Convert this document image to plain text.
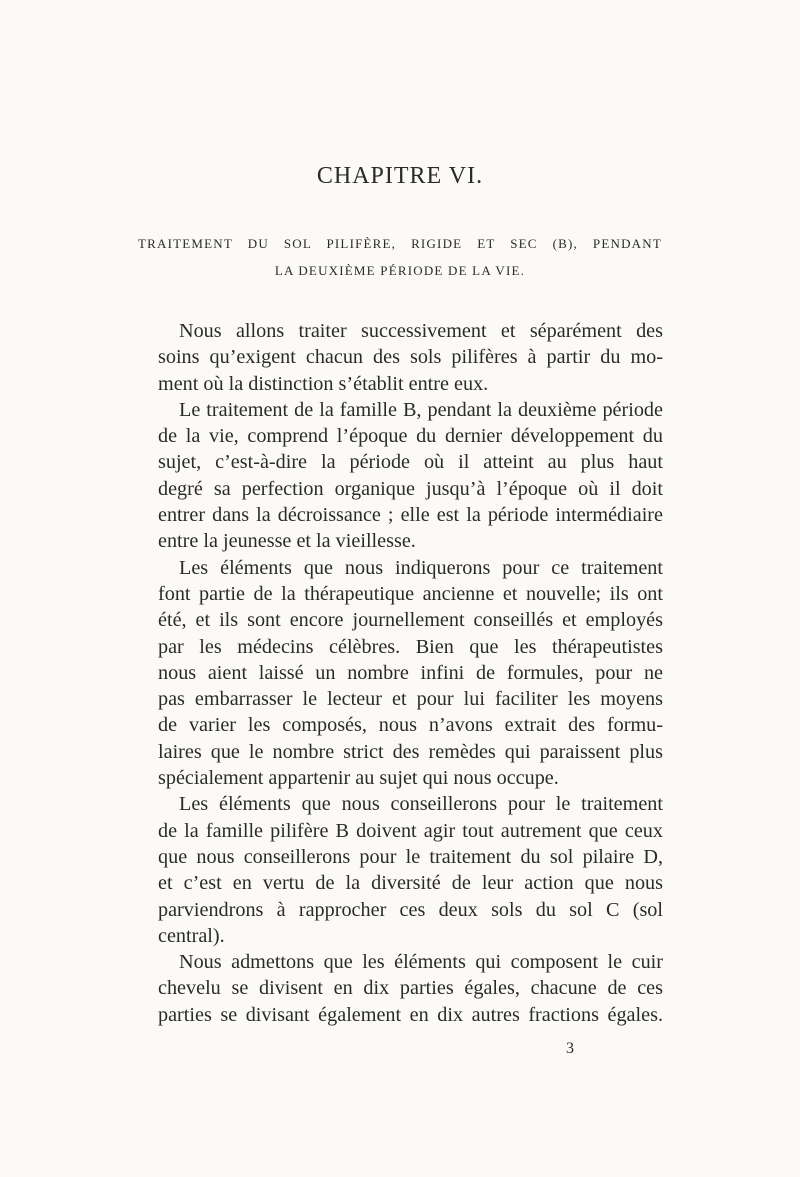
CHAPITRE VI.
TRAITEMENT DU SOL PILIFÈRE, RIGIDE ET SEC (B), PENDANT
LA DEUXIÈME PÉRIODE DE LA VIE.

Nous allons traiter successivement et séparément des
soins qu’exigent chacun des sols pilifères à partir du mo-
ment où la distinction s’établit entre eux.

Le traitement de la famille B, pendant la deuxième période
de la vie, comprend l’époque du dernier développement du
sujet, c’est-à-dire la période où il atteint au plus haut
degré sa perfection organique jusqu’à l’époque où il doit
entrer dans la décroissance ; elle est la période intermédiaire
entre la jeunesse et la vieillesse.

Les éléments que nous indiquerons pour ce traitement
font partie de la thérapeutique ancienne et nouvelle; ils ont
été, et ils sont encore journellement conseillés et employés
par les médecins célèbres. Bien que les thérapeutistes
nous aient laissé un nombre infini de formules, pour ne
pas embarrasser le lecteur et pour lui faciliter les moyens
de varier les composés, nous n’avons extrait des formu-
laires que le nombre strict des remèdes qui paraissent plus
spécialement appartenir au sujet qui nous occupe.

Les éléments que nous conseillerons pour le traitement
de la famille pilifère B doivent agir tout autrement que ceux
que nous conseillerons pour le traitement du sol pilaire D,
et c’est en vertu de la diversité de leur action que nous
parviendrons à rapprocher ces deux sols du sol C (sol
central).

Nous admettons que les éléments qui composent le cuir
chevelu se divisent en dix parties égales, chacune de ces
parties se divisant également en dix autres fractions égales.

3
